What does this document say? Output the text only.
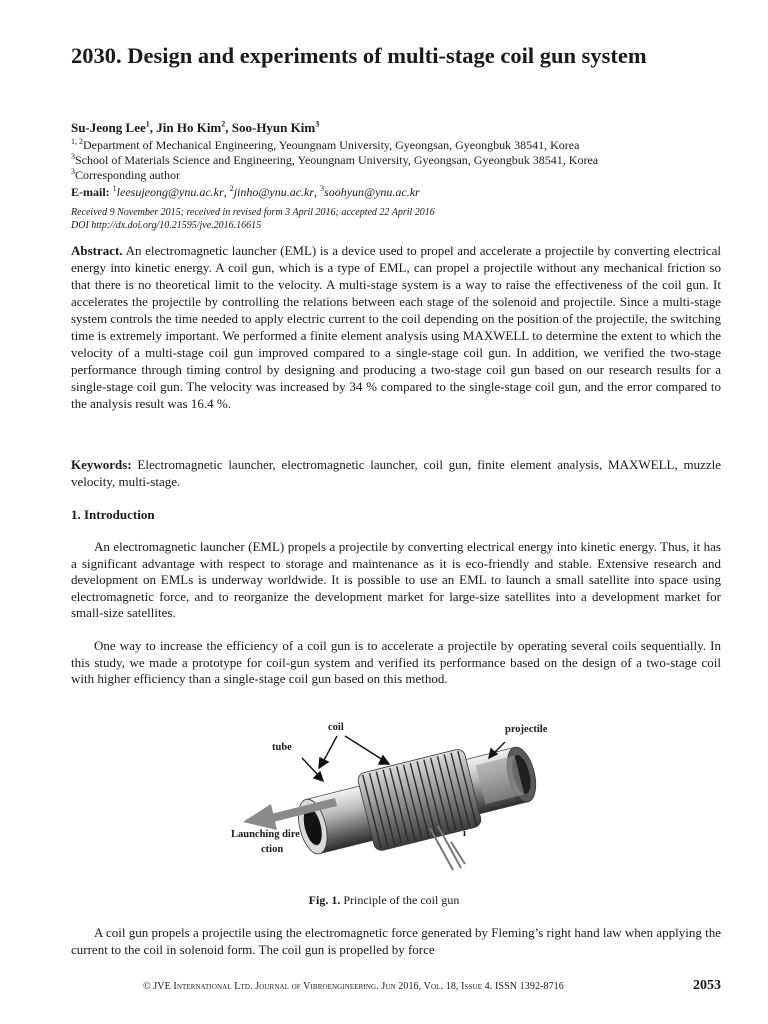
2030. Design and experiments of multi-stage coil gun system
Su-Jeong Lee$^1$, Jin Ho Kim$^2$, Soo-Hyun Kim$^3$
$^{1, 2}$Department of Mechanical Engineering, Yeoungnam University, Gyeongsan, Gyeongbuk 38541, Korea
$^3$School of Materials Science and Engineering, Yeoungnam University, Gyeongsan, Gyeongbuk 38541, Korea
$^3$Corresponding author
E-mail: $^1$leesujeong@ynu.ac.kr, $^2$jinho@ynu.ac.kr, $^3$soohyun@ynu.ac.kr
Received 9 November 2015; received in revised form 3 April 2016; accepted 22 April 2016
DOI http://dx.doi.org/10.21595/jve.2016.16615
Abstract. An electromagnetic launcher (EML) is a device used to propel and accelerate a projectile by converting electrical energy into kinetic energy. A coil gun, which is a type of EML, can propel a projectile without any mechanical friction so that there is no theoretical limit to the velocity. A multi-stage system is a way to raise the effectiveness of the coil gun. It accelerates the projectile by controlling the relations between each stage of the solenoid and projectile. Since a multi-stage system controls the time needed to apply electric current to the coil depending on the position of the projectile, the switching time is extremely important. We performed a finite element analysis using MAXWELL to determine the extent to which the velocity of a multi-stage coil gun improved compared to a single-stage coil gun. In addition, we verified the two-stage performance through timing control by designing and producing a two-stage coil gun based on our research results for a single-stage coil gun. The velocity was increased by 34 % compared to the single-stage coil gun, and the error compared to the analysis result was 16.4 %.
Keywords: Electromagnetic launcher, electromagnetic launcher, coil gun, finite element analysis, MAXWELL, muzzle velocity, multi-stage.
1. Introduction
An electromagnetic launcher (EML) propels a projectile by converting electrical energy into kinetic energy. Thus, it has a significant advantage with respect to storage and maintenance as it is eco-friendly and stable. Extensive research and development on EMLs is underway worldwide. It is possible to use an EML to launch a small satellite into space using electromagnetic force, and to reorganize the development market for large-size satellites into a development market for small-size satellites.
One way to increase the efficiency of a coil gun is to accelerate a projectile by operating several coils sequentially. In this study, we made a prototype for coil-gun system and verified its performance based on the design of a two-stage coil with higher efficiency than a single-stage coil gun based on this method.
coil	projectile
tube
Launching dire
ction
i
Fig. 1. Principle of the coil gun
A coil gun propels a projectile using the electromagnetic force generated by Fleming’s right hand law when applying the current to the coil in solenoid form. The coil gun is propelled by force
© JVE International Ltd. Journal of Vibroengineering. Jun 2016, Vol. 18, Issue 4. ISSN 1392-8716	2053
